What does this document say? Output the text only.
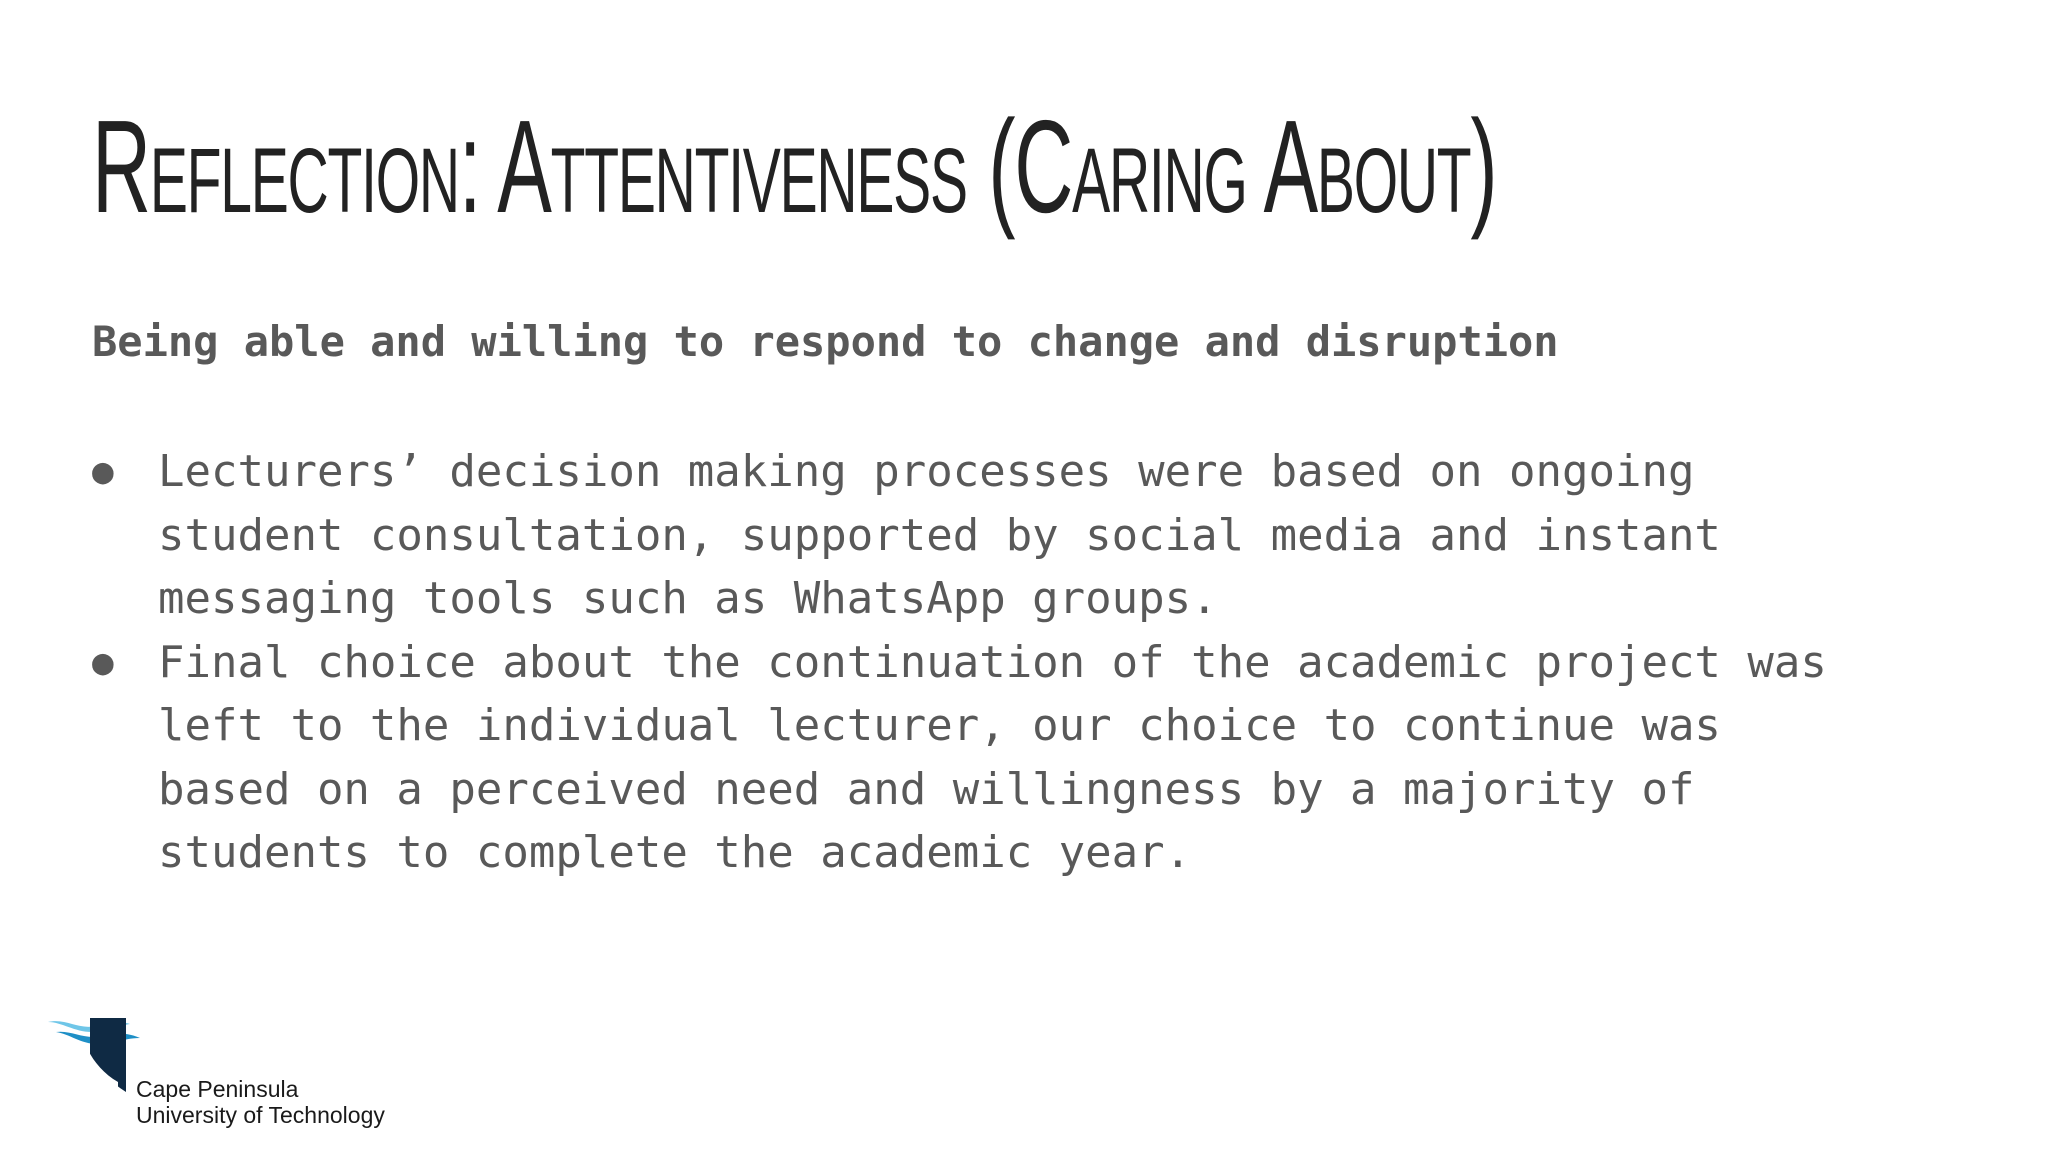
Reflection: Attentiveness (Caring About)

Being able and willing to respond to change and disruption

●	Lecturers’ decision making processes were based on ongoing
student consultation, supported by social media and instant
messaging tools such as WhatsApp groups.
●	Final choice about the continuation of the academic project was
left to the individual lecturer, our choice to continue was
based on a perceived need and willingness by a majority of
students to complete the academic year.
Cape Peninsula
University of Technology
